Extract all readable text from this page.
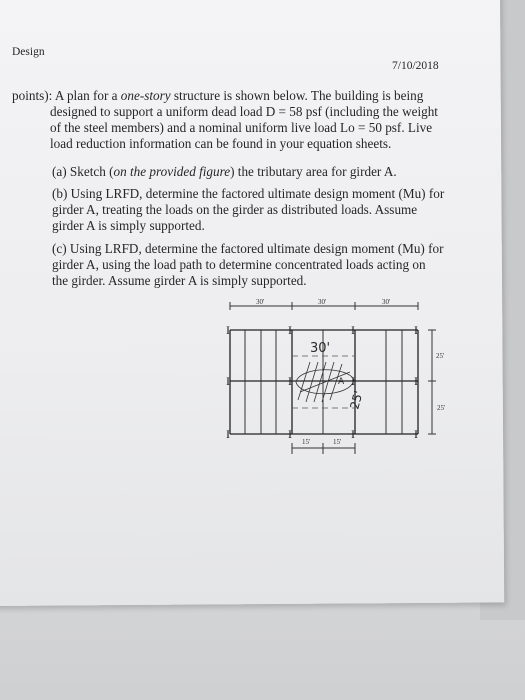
Design
7/10/2018

points): A plan for a one-story structure is shown below. The building is being

designed to support a uniform dead load D = 58 psf (including the weight

of the steel members) and a nominal uniform live load Lo = 50 psf. Live

load reduction information can be found in your equation sheets.

(a) Sketch (on the provided figure) the tributary area for girder A.

(b) Using LRFD, determine the factored ultimate design moment (Mu) for

girder A, treating the loads on the girder as distributed loads. Assume

girder A is simply supported.

(c) Using LRFD, determine the factored ultimate design moment (Mu) for

girder A, using the load path to determine concentrated loads acting on

the girder. Assume girder A is simply supported.

30'	30'	30'
25'
25'
15'	15'
30'
A
25'
I	I	I	I
I	I	I	I
I	I	I	I
